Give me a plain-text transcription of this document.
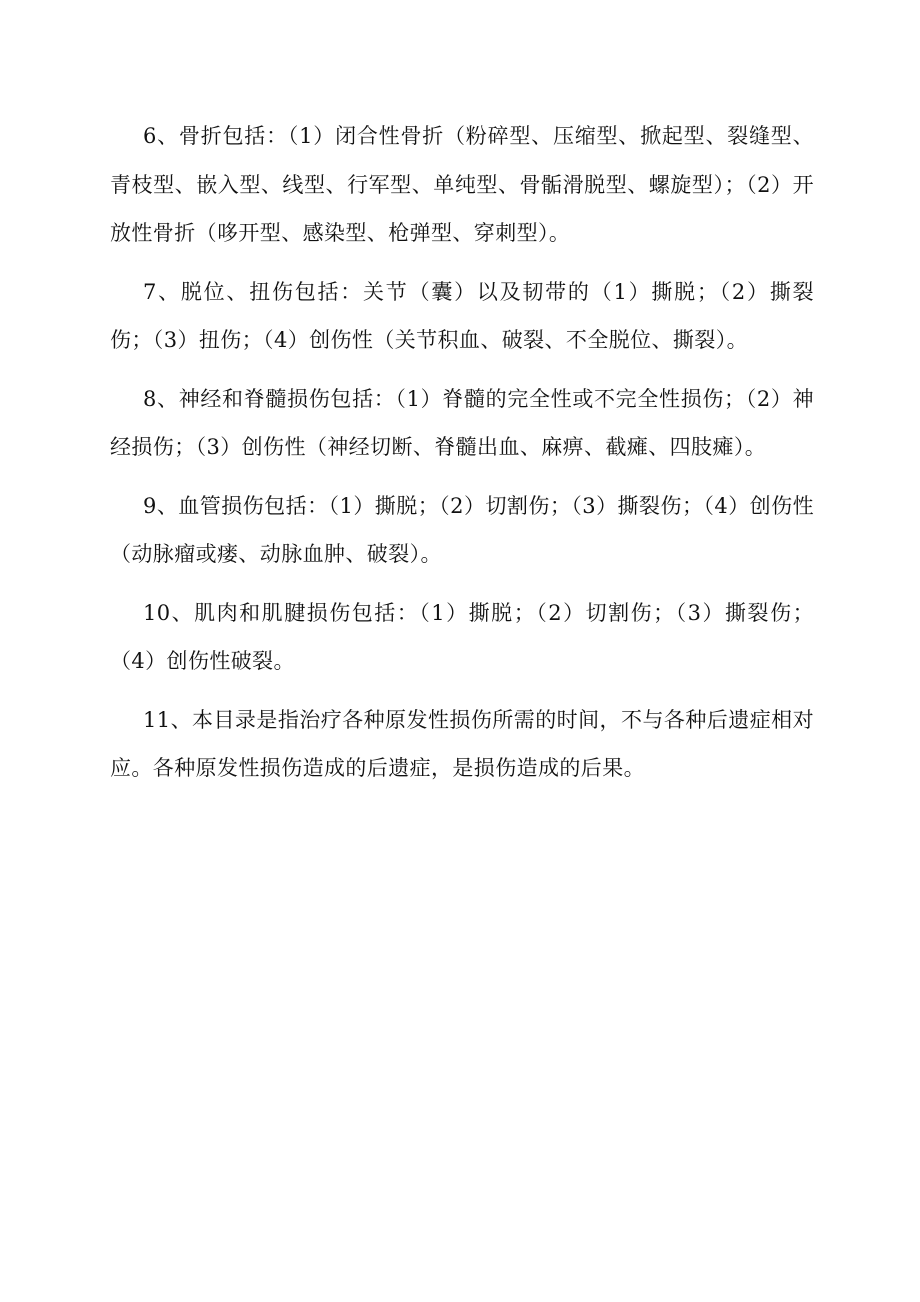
6、骨折包括：（1）闭合性骨折（粉碎型、压缩型、掀起型、裂缝型、青枝型、嵌入型、线型、行军型、单纯型、骨骺滑脱型、螺旋型）；（2）开放性骨折（哆开型、感染型、枪弹型、穿刺型）。

7、脱位、扭伤包括：关节（囊）以及韧带的（1）撕脱；（2）撕裂伤；（3）扭伤；（4）创伤性（关节积血、破裂、不全脱位、撕裂）。

8、神经和脊髓损伤包括：（1）脊髓的完全性或不完全性损伤；（2）神经损伤；（3）创伤性（神经切断、脊髓出血、麻痹、截瘫、四肢瘫）。

9、血管损伤包括：（1）撕脱；（2）切割伤；（3）撕裂伤；（4）创伤性（动脉瘤或瘘、动脉血肿、破裂）。

10、肌肉和肌腱损伤包括：（1）撕脱；（2）切割伤；（3）撕裂伤；（4）创伤性破裂。

11、本目录是指治疗各种原发性损伤所需的时间，不与各种后遗症相对应。各种原发性损伤造成的后遗症，是损伤造成的后果。
